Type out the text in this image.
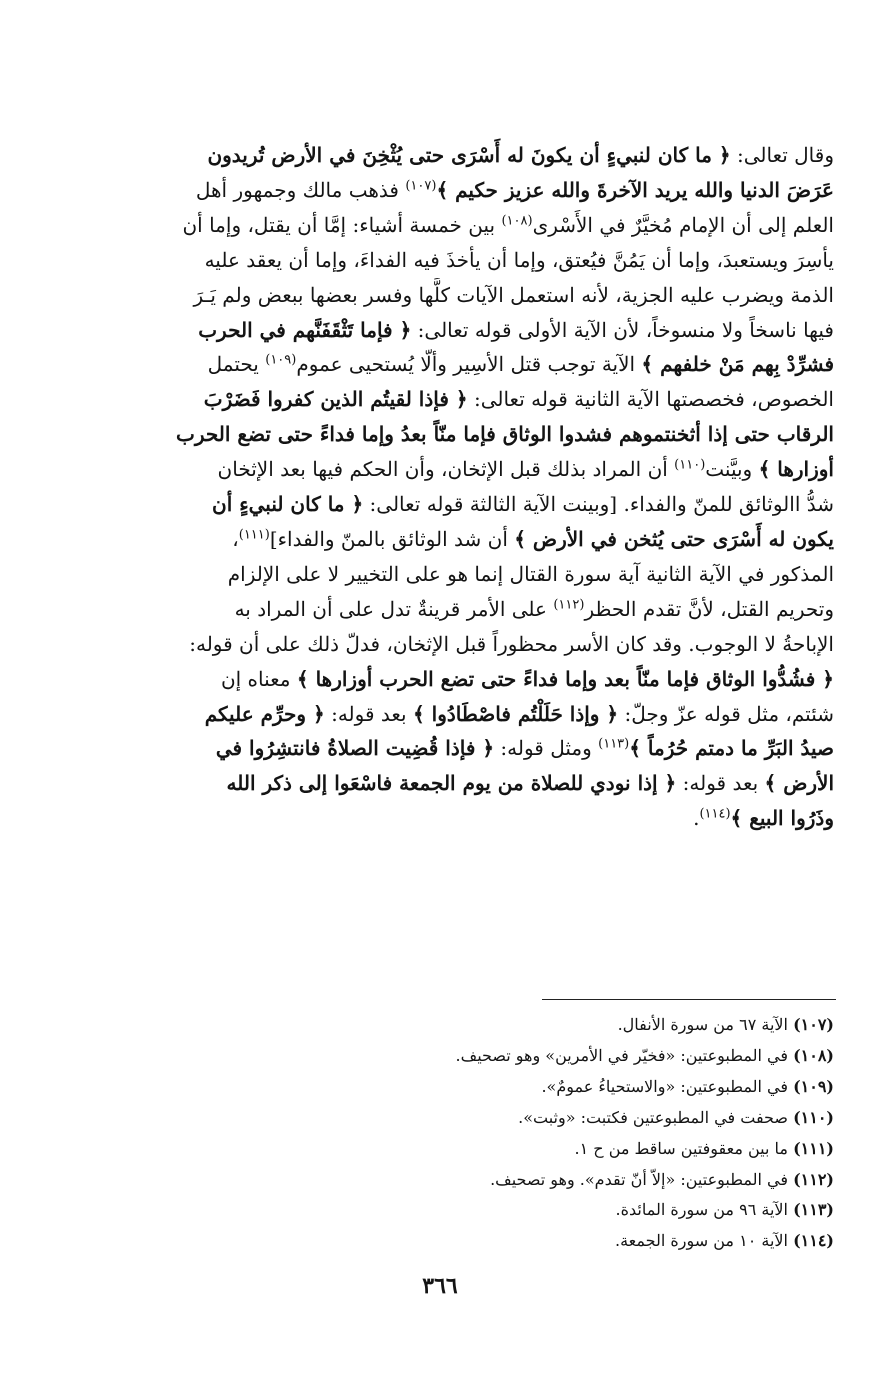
وقال تعالى: ﴿ ما كان لنبيءٍ أن يكونَ له أَسْرَى حتى يُثْخِنَ في الأرض تُريدون
عَرَضَ الدنيا والله يريد الآخرةَ والله عزيز حكيم ﴾$^{(١٠٧)}$ فذهب مالك وجمهور أهل
العلم إلى أن الإمام مُخيَّرٌ في الأَسْرى$^{(١٠٨)}$ بين خمسة أشياء: إمَّا أن يقتل، وإما أن
يأسِرَ ويستعبدَ، وإما أن يَمُنَّ فيُعتق، وإما أن يأخذَ فيه الفداءَ، وإما أن يعقد عليه
الذمة ويضرب عليه الجزية، لأنه استعمل الآيات كلَّها وفسر بعضها ببعض ولم يَـرَ
فيها ناسخاً ولا منسوخاً، لأن الآية الأولى قوله تعالى: ﴿ فإما تَثْقَفَنَّهم في الحرب
فشرِّدْ بِهم مَنْ خلفهم ﴾ الآية توجب قتل الأسِير وألّا يُستحيى عموم$^{(١٠٩)}$ يحتمل
الخصوص، فخصصتها الآية الثانية قوله تعالى: ﴿ فإذا لقيتُم الذين كفروا فَضَرْبَ
الرقاب حتى إذا أثخنتموهم فشدوا الوثاق فإما منّاً بعدُ وإما فداءً حتى تضع الحرب
أوزارها ﴾ وبيَّنت$^{(١١٠)}$ أن المراد بذلك قبل الإثخان، وأن الحكم فيها بعد الإثخان
شدُّ االوثائق للمنّ والفداء. [وبينت الآية الثالثة قوله تعالى: ﴿ ما كان لنبيءٍ أن
يكون له أَسْرَى حتى يُثخن في الأرض ﴾ أن شد الوثائق بالمنّ والفداء]$^{(١١١)}$،
المذكور في الآية الثانية آية سورة القتال إنما هو على التخيير لا على الإلزام
وتحريم القتل، لأنَّ تقدم الحظر$^{(١١٢)}$ على الأمر قرينةٌ تدل على أن المراد به
الإباحةُ لا الوجوب. وقد كان الأسر محظوراً قبل الإثخان، فدلّ ذلك على أن قوله:
﴿ فشُدُّوا الوثاق فإما منّاً بعد وإما فداءً حتى تضع الحرب أوزارها ﴾ معناه إن
شئتم، مثل قوله عزّ وجلّ: ﴿ وإذا حَلَلْتُم فاصْطَادُوا ﴾ بعد قوله: ﴿ وحرِّم عليكم
صيدُ البَرِّ ما دمتم حُرُماً ﴾$^{(١١٣)}$ ومثل قوله: ﴿ فإذا قُضِيت الصلاةُ فانتشِرُوا في
الأرض ﴾ بعد قوله: ﴿ إذا نودي للصلاة من يوم الجمعة فاسْعَوا إلى ذكر الله
وذَرُوا البيع ﴾$^{(١١٤)}$.
(١٠٧) الآية ٦٧ من سورة الأنفال.
(١٠٨) في المطبوعتين: «فخيّر في الأمرين» وهو تصحيف.
(١٠٩) في المطبوعتين: «والاستحياءُ عمومٌ».
(١١٠) صحفت في المطبوعتين فكتبت: «وثبت».
(١١١) ما بين معقوفتين ساقط من ح ١.
(١١٢) في المطبوعتين: «إلاّ أنّ تقدم». وهو تصحيف.
(١١٣) الآية ٩٦ من سورة المائدة.
(١١٤) الآية ١٠ من سورة الجمعة.
٣٦٦
